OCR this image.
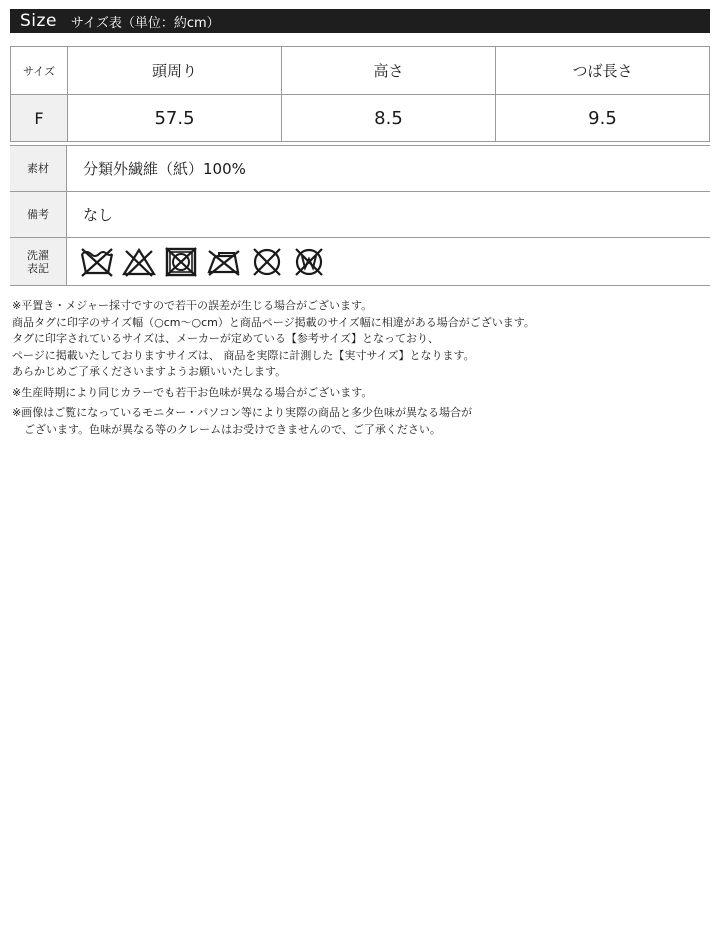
Size サイズ表（単位：約cm）
サイズ	頭周り	高さ	つば長さ
F	57.5	8.5	9.5
素材	分類外繊維（紙）100%
備考	なし
洗濯
表記	

※平置き・メジャー採寸ですので若干の誤差が生じる場合がございます。

商品タグに印字のサイズ幅（○cm～○cm）と商品ページ掲載のサイズ幅に相違がある場合がございます。

タグに印字されているサイズは、メーカーが定めている【参考サイズ】となっており、

ページに掲載いたしておりますサイズは、 商品を実際に計測した【実寸サイズ】となります。

あらかじめご了承くださいますようお願いいたします。

※生産時期により同じカラーでも若干お色味が異なる場合がございます。

※画像はご覧になっているモニター・パソコン等により実際の商品と多少色味が異なる場合が

ございます。色味が異なる等のクレームはお受けできませんので、ご了承ください。
